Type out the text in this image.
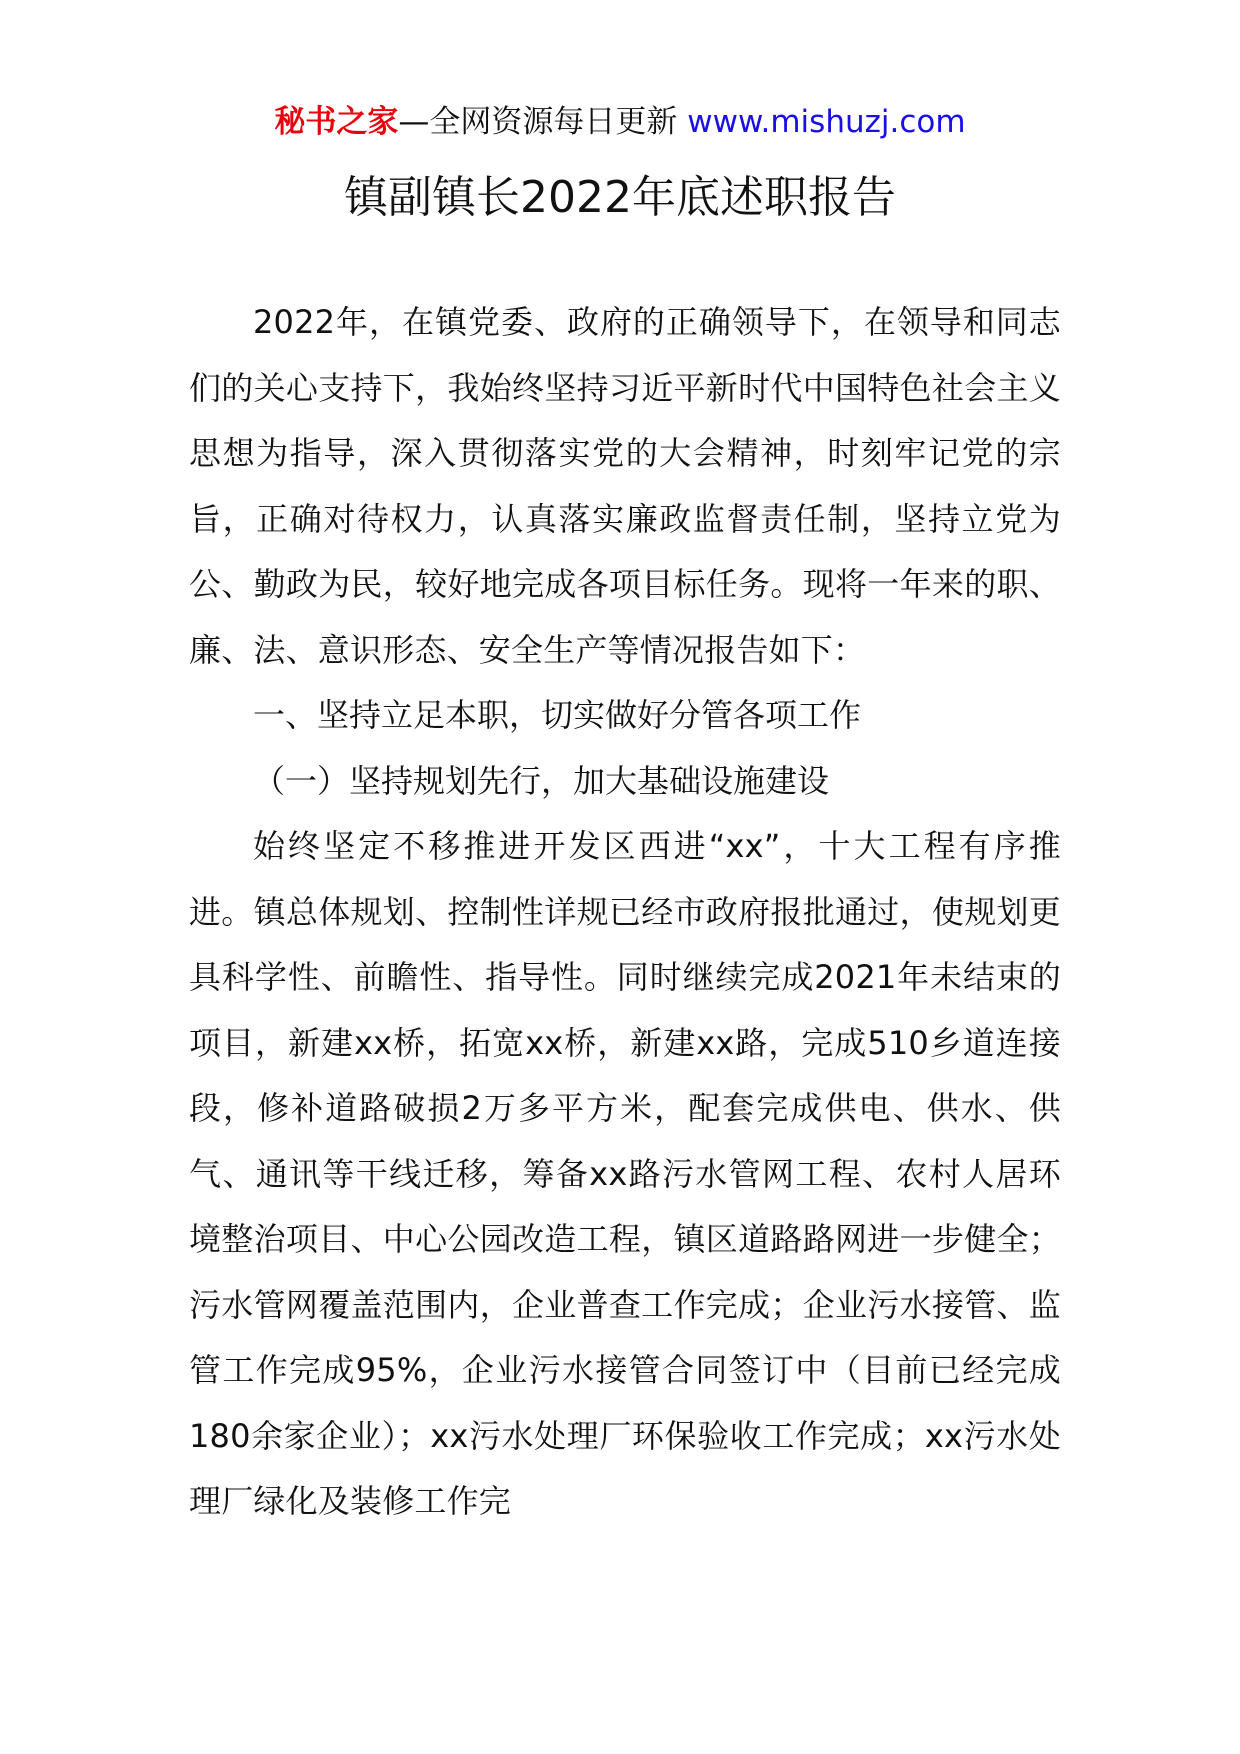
秘书之家—全网资源每日更新 www.mishuzj.com
镇副镇长2022年底述职报告

2022年，在镇党委、政府的正确领导下，在领导和同志们的关心支持下，我始终坚持习近平新时代中国特色社会主义思想为指导，深入贯彻落实党的大会精神，时刻牢记党的宗旨，正确对待权力，认真落实廉政监督责任制，坚持立党为公、勤政为民，较好地完成各项目标任务。现将一年来的职、廉、法、意识形态、安全生产等情况报告如下：

一、坚持立足本职，切实做好分管各项工作

（一）坚持规划先行，加大基础设施建设

始终坚定不移推进开发区西进“xx”，十大工程有序推进。镇总体规划、控制性详规已经市政府报批通过，使规划更具科学性、前瞻性、指导性。同时继续完成2021年未结束的项目，新建xx桥，拓宽xx桥，新建xx路，完成510乡道连接段，修补道路破损2万多平方米，配套完成供电、供水、供气、通讯等干线迁移，筹备xx路污水管网工程、农村人居环境整治项目、中心公园改造工程，镇区道路路网进一步健全；污水管网覆盖范围内，企业普查工作完成；企业污水接管、监管工作完成95%，企业污水接管合同签订中（目前已经完成180余家企业）；xx污水处理厂环保验收工作完成；xx污水处理厂绿化及装修工作完
